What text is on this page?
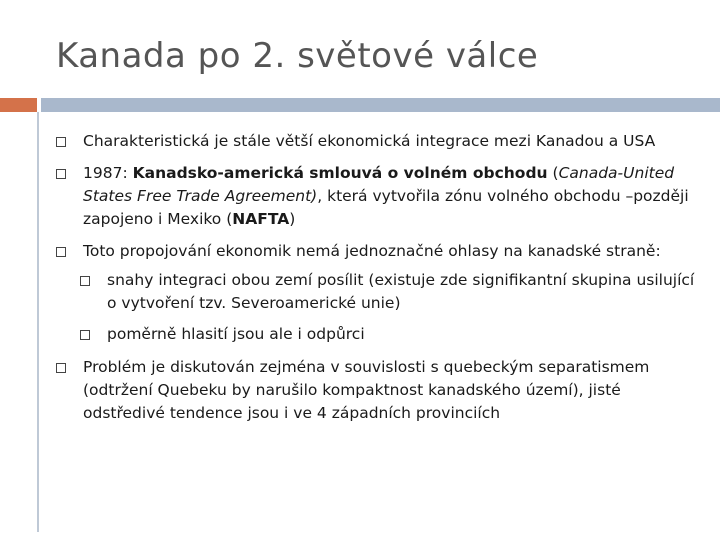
Kanada po 2. světové válce
Charakteristická je stále větší ekonomická integrace mezi Kanadou a USA
1987: Kanadsko-americká smlouvá o volném obchodu (Canada-United States Free Trade Agreement), která vytvořila zónu volného obchodu –později zapojeno i Mexiko (NAFTA)
Toto propojování ekonomik nemá jednoznačné ohlasy na kanadské straně:
snahy integraci obou zemí posílit (existuje zde signifikantní skupina usilující o vytvoření tzv. Severoamerické unie)
poměrně hlasití jsou ale i odpůrci
Problém je diskutován zejména v souvislosti s quebeckým separatismem (odtržení Quebeku by narušilo kompaktnost kanadského území), jisté odstředivé tendence jsou i ve 4 západních provinciích
